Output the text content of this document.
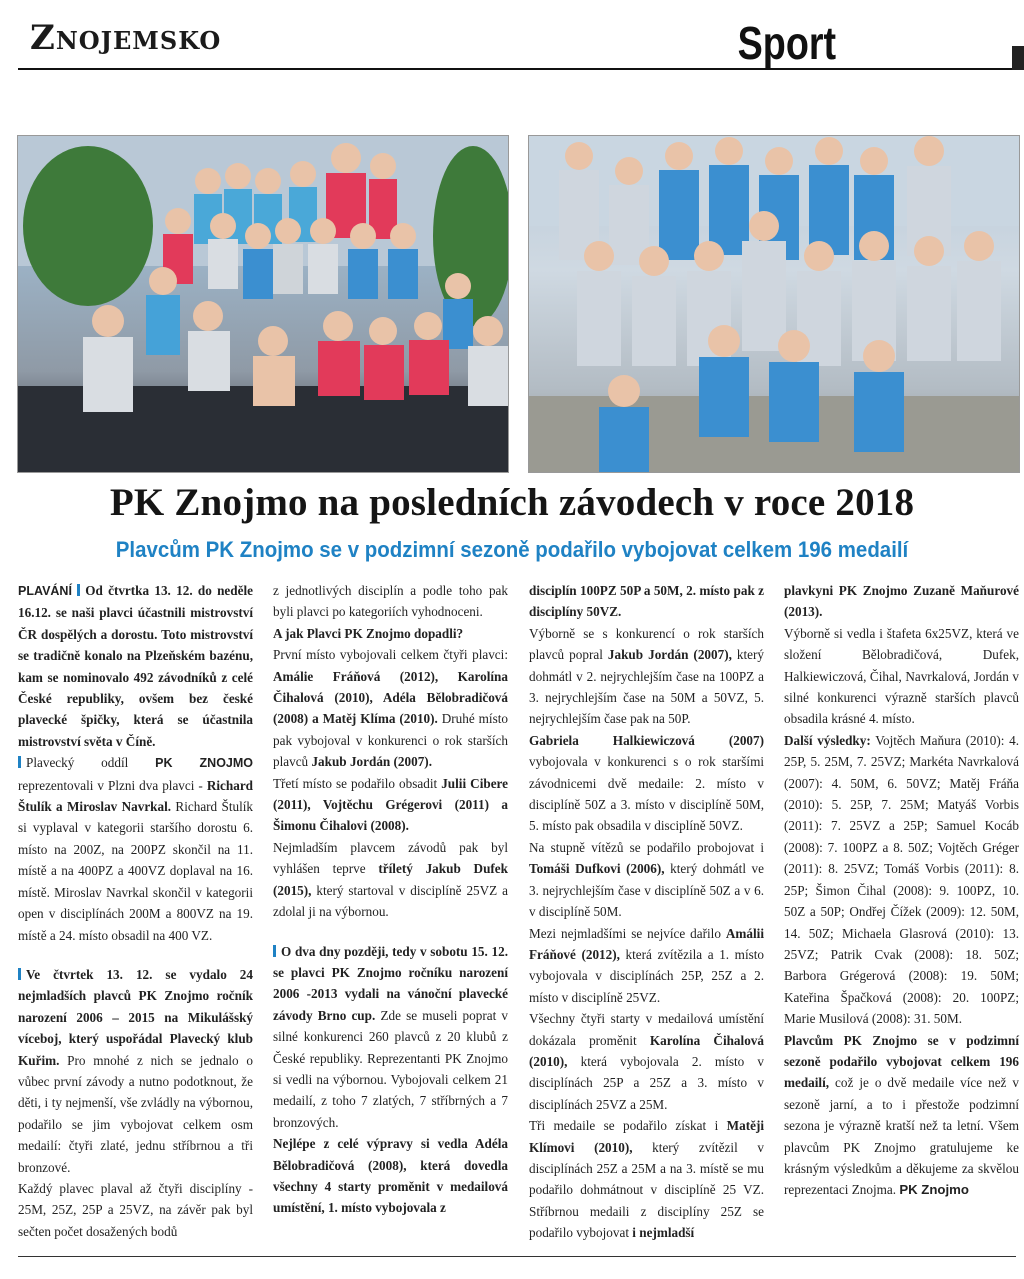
Znojemsko	Sport
PK Znojmo na posledních závodech v roce 2018
Plavcům PK Znojmo se v podzimní sezoně podařilo vybojovat celkem 196 medailí

PLAVÁNÍ Od čtvrtka 13. 12. do neděle 16.12. se naši plavci účastnili mistrovství ČR dospělých a dorostu. Toto mistrovství se tradičně konalo na Plzeňském bazénu, kam se nominovalo 492 závodníků z celé České republiky, ovšem bez české plavecké špičky, která se účastnila mistrovství světa v Číně.

Plavecký oddíl PK ZNOJMO reprezentovali v Plzni dva plavci - Richard Štulík a Miroslav Navrkal. Richard Štulík si vyplaval v kategorii staršího dorostu 6. místo na 200Z, na 200PZ skončil na 11. místě a na 400PZ a 400VZ doplaval na 16. místě. Miroslav Navrkal skončil v kategorii open v disciplínách 200M a 800VZ na 19. místě a 24. místo obsadil na 400 VZ.

Ve čtvrtek 13. 12. se vydalo 24 nejmladších plavců PK Znojmo ročník narození 2006 – 2015 na Mikulášský víceboj, který uspořádal Plavecký klub Kuřim. Pro mnohé z nich se jednalo o vůbec první závody a nutno podotknout, že děti, i ty nejmenší, vše zvládly na výbornou, podařilo se jim vybojovat celkem osm medailí: čtyři zlaté, jednu stříbrnou a tři bronzové.

Každý plavec plaval až čtyři disciplíny - 25M, 25Z, 25P a 25VZ, na závěr pak byl sečten počet dosažených bodů

z jednotlivých disciplín a podle toho pak byli plavci po kategoriích vyhodnoceni.

A jak Plavci PK Znojmo dopadli?

První místo vybojovali celkem čtyři plavci: Amálie Fráňová (2012), Karolína Čihalová (2010), Adéla Bělobradičová (2008) a Matěj Klíma (2010). Druhé místo pak vybojoval v konkurenci o rok starších plavců Jakub Jordán (2007).

Třetí místo se podařilo obsadit Julii Cibere (2011), Vojtěchu Grégerovi (2011) a Šimonu Čihalovi (2008).

Nejmladším plavcem závodů pak byl vyhlášen teprve tříletý Jakub Dufek (2015), který startoval v disciplíně 25VZ a zdolal ji na výbornou.

O dva dny později, tedy v sobotu 15. 12. se plavci PK Znojmo ročníku narození 2006 -2013 vydali na vánoční plavecké závody Brno cup. Zde se museli poprat v silné konkurenci 260 plavců z 20 klubů z České republiky. Reprezentanti PK Znojmo si vedli na výbornou. Vybojovali celkem 21 medailí, z toho 7 zlatých, 7 stříbrných a 7 bronzových.

Nejlépe z celé výpravy si vedla Adéla Bělobradičová (2008), která dovedla všechny 4 starty proměnit v medailová umístění, 1. místo vybojovala z

disciplín 100PZ 50P a 50M, 2. místo pak z disciplíny 50VZ.

Výborně se s konkurencí o rok starších plavců popral Jakub Jordán (2007), který dohmátl v 2. nejrychlejším čase na 100PZ a 3. nejrychlejším čase na 50M a 50VZ, 5. nejrychlejším čase pak na 50P.

Gabriela Halkiewiczová (2007) vybojovala v konkurenci s o rok staršími závodnicemi dvě medaile: 2. místo v disciplíně 50Z a 3. místo v disciplíně 50M, 5. místo pak obsadila v disciplíně 50VZ.

Na stupně vítězů se podařilo probojovat i Tomáši Dufkovi (2006), který dohmátl ve 3. nejrychlejším čase v disciplíně 50Z a v 6. v disciplíně 50M.

Mezi nejmladšími se nejvíce dařilo Amálii Fráňové (2012), která zvítězila a 1. místo vybojovala v disciplínách 25P, 25Z a 2. místo v disciplíně 25VZ.

Všechny čtyři starty v medailová umístění dokázala proměnit Karolína Čihalová (2010), která vybojovala 2. místo v disciplínách 25P a 25Z a 3. místo v disciplínách 25VZ a 25M.

Tři medaile se podařilo získat i Matěji Klímovi (2010), který zvítězil v disciplínách 25Z a 25M a na 3. místě se mu podařilo dohmátnout v disciplíně 25 VZ. Stříbrnou medaili z disciplíny 25Z se podařilo vybojovat i nejmladší

plavkyni PK Znojmo Zuzaně Maňurové (2013).

Výborně si vedla i štafeta 6x25VZ, která ve složení Bělobradičová, Dufek, Halkiewiczová, Čihal, Navrkalová, Jordán v silné konkurenci výrazně starších plavců obsadila krásné 4. místo.

Další výsledky: Vojtěch Maňura (2010): 4. 25P, 5. 25M, 7. 25VZ; Markéta Navrkalová (2007): 4. 50M, 6. 50VZ; Matěj Fráňa (2010): 5. 25P, 7. 25M; Matyáš Vorbis (2011): 7. 25VZ a 25P; Samuel Kocáb (2008): 7. 100PZ a 8. 50Z; Vojtěch Gréger (2011): 8. 25VZ; Tomáš Vorbis (2011): 8. 25P; Šimon Čihal (2008): 9. 100PZ, 10. 50Z a 50P; Ondřej Čížek (2009): 12. 50M, 14. 50Z; Michaela Glasrová (2010): 13. 25VZ; Patrik Cvak (2008): 18. 50Z; Barbora Grégerová (2008): 19. 50M; Kateřina Špačková (2008): 20. 100PZ; Marie Musilová (2008): 31. 50M.

Plavcům PK Znojmo se v podzimní sezoně podařilo vybojovat celkem 196 medailí, což je o dvě medaile více než v sezoně jarní, a to i přestože podzimní sezona je výrazně kratší než ta letní. Všem plavcům PK Znojmo gratulujeme ke krásným výsledkům a děkujeme za skvělou reprezentaci Znojma. PK Znojmo
